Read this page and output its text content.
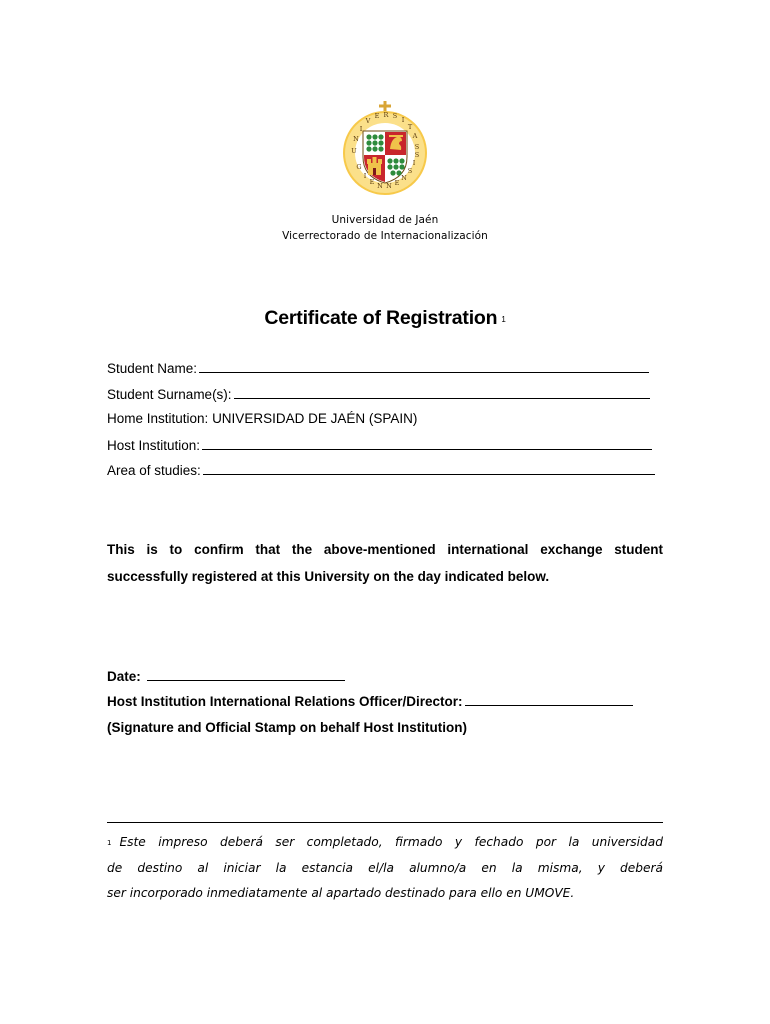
U
N
I
V
E R S I
T
A
S
G
I
E N N E
N
S
I
S
Universidad de Jaén
Vicerrectorado de Internacionalización
Certificate of Registration $^1$
Student Name:
Student Surname(s):
Home Institution: UNIVERSIDAD DE JAÉN (SPAIN)
Host Institution:
Area of studies:
This is to confirm that the above-mentioned international exchange student
successfully registered at this University on the day indicated below.
Date:
Host Institution International Relations Officer/Director:
(Signature and Official Stamp on behalf Host Institution)
1 Este impreso deberá ser completado, firmado y fechado por la universidad
de destino al iniciar la estancia el/la alumno/a en la misma, y deberá
ser incorporado inmediatamente al apartado destinado para ello en UMOVE.
